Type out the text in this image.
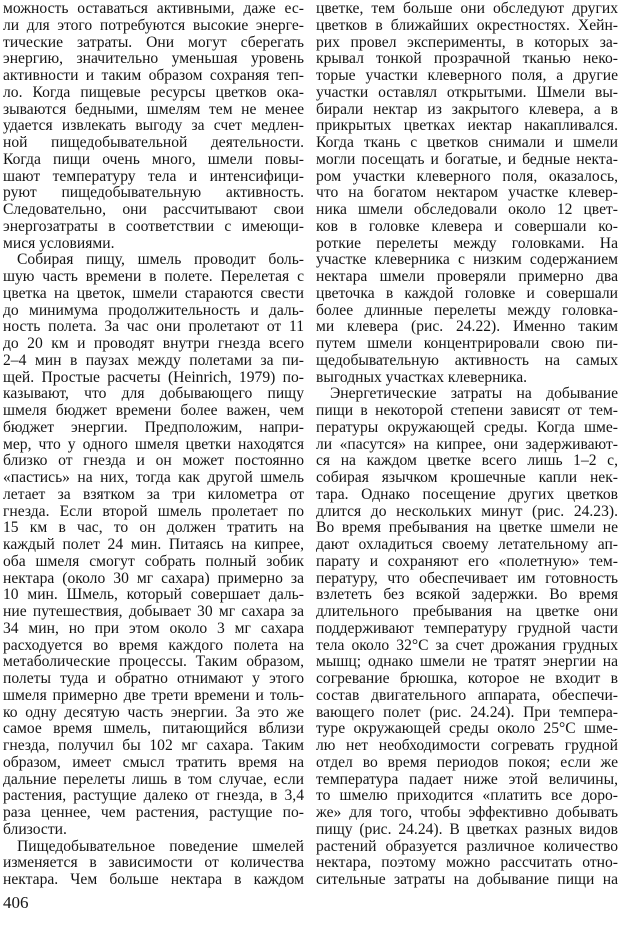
можность оставаться активными, даже ес-
ли для этого потребуются высокие энерге-
тические затраты. Они могут сберегать
энергию, значительно уменьшая уровень
активности и таким образом сохраняя теп-
ло. Когда пищевые ресурсы цветков ока-
зываются бедными, шмелям тем не менее
удается извлекать выгоду за счет медлен-
ной пищедобывательной деятельности.
Когда пищи очень много, шмели повы-
шают температуру тела и интенсифици-
руют пищедобывательную активность.
Следовательно, они рассчитывают свои
энергозатраты в соответствии с имеющи-
мися условиями.
Собирая пищу, шмель проводит боль-
шую часть времени в полете. Перелетая с
цветка на цветок, шмели стараются свести
до минимума продолжительность и даль-
ность полета. За час они пролетают от 11
до 20 км и проводят внутри гнезда всего
2–4 мин в паузах между полетами за пи-
щей. Простые расчеты (Heinrich, 1979) по-
казывают, что для добывающего пищу
шмеля бюджет времени более важен, чем
бюджет энергии. Предположим, напри-
мер, что у одного шмеля цветки находятся
близко от гнезда и он может постоянно
«пастись» на них, тогда как другой шмель
летает за взятком за три километра от
гнезда. Если второй шмель пролетает по
15 км в час, то он должен тратить на
каждый полет 24 мин. Питаясь на кипрее,
оба шмеля смогут собрать полный зобик
нектара (около 30 мг сахара) примерно за
10 мин. Шмель, который совершает даль-
ние путешествия, добывает 30 мг сахара за
34 мин, но при этом около 3 мг сахара
расходуется во время каждого полета на
метаболические процессы. Таким образом,
полеты туда и обратно отнимают у этого
шмеля примерно две трети времени и толь-
ко одну десятую часть энергии. За это же
самое время шмель, питающийся вблизи
гнезда, получил бы 102 мг сахара. Таким
образом, имеет смысл тратить время на
дальние перелеты лишь в том случае, если
растения, растущие далеко от гнезда, в 3,4
раза ценнее, чем растения, растущие по-
близости.
Пищедобывательное поведение шмелей
изменяется в зависимости от количества
нектара. Чем больше нектара в каждом
цветке, тем больше они обследуют других
цветков в ближайших окрестностях. Хейн-
рих провел эксперименты, в которых за-
крывал тонкой прозрачной тканью неко-
торые участки клеверного поля, а другие
участки оставлял открытыми. Шмели вы-
бирали нектар из закрытого клевера, а в
прикрытых цветках иектар накапливался.
Когда ткань с цветков снимали и шмели
могли посещать и богатые, и бедные некта-
ром участки клеверного поля, оказалось,
что на богатом нектаром участке клевер-
ника шмели обследовали около 12 цвет-
ков в головке клевера и совершали ко-
роткие перелеты между головками. На
участке клеверника с низким содержанием
нектара шмели проверяли примерно два
цветочка в каждой головке и совершали
более длинные перелеты между головка-
ми клевера (рис. 24.22). Именно таким
путем шмели концентрировали свою пи-
щедобывательную активность на самых
выгодных участках клеверника.
Энергетические затраты на добывание
пищи в некоторой степени зависят от тем-
пературы окружающей среды. Когда шме-
ли «пасутся» на кипрее, они задерживают-
ся на каждом цветке всего лишь 1–2 с,
собирая язычком крошечные капли нек-
тара. Однако посещение других цветков
длится до нескольких минут (рис. 24.23).
Во время пребывания на цветке шмели не
дают охладиться своему летательному ап-
парату и сохраняют его «полетную» тем-
пературу, что обеспечивает им готовность
взлететь без всякой задержки. Во время
длительного пребывания на цветке они
поддерживают температуру грудной части
тела около 32°C за счет дрожания грудных
мышц; однако шмели не тратят энергии на
согревание брюшка, которое не входит в
состав двигательного аппарата, обеспечи-
вающего полет (рис. 24.24). При темпера-
туре окружающей среды около 25°C шме-
лю нет необходимости согревать грудной
отдел во время периодов покоя; если же
температура падает ниже этой величины,
то шмелю приходится «платить все доро-
же» для того, чтобы эффективно добывать
пищу (рис. 24.24). В цветках разных видов
растений образуется различное количество
нектара, поэтому можно рассчитать отно-
сительные затраты на добывание пищи на
406
